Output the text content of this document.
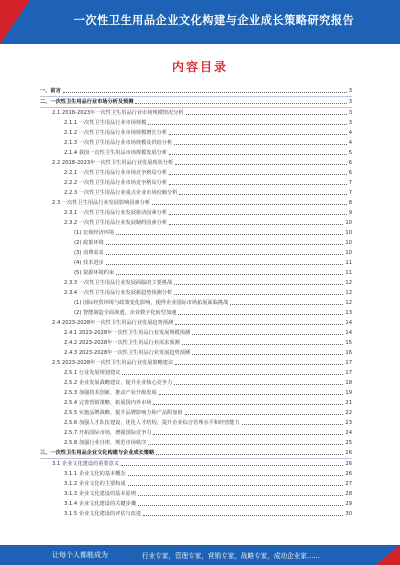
一次性卫生用品企业文化构建与企业成长策略研究报告
内容目录
一、前言	3
二、一次性卫生用品行业市场分析及预测	3
2.1 2018-2023年一次性卫生用品行业市场规模情况分析	3
2.1.1 一次性卫生用品行业市场规模	3
2.1.2 一次性卫生用品行业市场规模增长分析	4
2.1.3 一次性卫生用品行业市场规模及供给分析	4
2.1.4 我国一次性卫生用品市场规模发展分析	5
2.2 2018-2023年一次性卫生用品行业发展现状分析	6
2.2.1 一次性卫生用品行业市场竞争格局分析	6
2.2.2 一次性卫生用品行业市场竞争格局分析	7
2.2.3 一次性卫生用品行业重点企业市场份额分析	7
2.3 一次性卫生用品行业发展影响因素分析	8
2.3.1 一次性卫生用品行业发展驱动因素分析	9
2.3.2 一次性卫生用品行业发展制约因素分析	10
(1) 宏观经济环境	10
(2) 政策环境	10
(3) 消费需求	10
(4) 技术进步	11
(5) 资源环境约束	11
2.3.3 一次性卫生用品行业发展面临的主要挑战	12
2.3.4 一次性卫生用品行业发展新趋势预测分析	12
(1) 国际经贸环境与政策变化影响，使得企业国际市场拓展面临挑战	12
(2) 智能制造全面渗透，企业数字化转型加速	13
2.4 2023-2028年一次性卫生用品行业发展趋势预测	14
2.4.1 2023-2028年一次性卫生用品行业发展规模预测	14
2.4.2 2023-2028年一次性卫生用品行业需求预测	15
2.4.3 2023-2028年一次性卫生用品行业发展趋势预测	16
2.5 2023-2028年一次性卫生用品行业发展策略建议	17
2.5.1 行业发展规划建议	17
2.5.2 企业发展战略建议，提升企业核心竞争力	18
2.5.3 加强技术创新，推动产业升级发展	19
2.5.4 完善营销策略，拓展国内外市场	21
2.5.5 实施品牌战略，提升品牌影响力和产品附加值	22
2.5.6 加强人才队伍建设，优化人才结构，提升企业综合管理水平和经营能力	23
2.5.7 开拓国际市场，增强国际竞争力	24
2.5.8 加强行业自律，规范市场秩序	25
三、一次性卫生用品企业文化构建与企业成长策略	26
3.1 企业文化建设的重要意义	26
3.1.1 企业文化的基本概念	26
3.1.2 企业文化的主要构成	27
3.1.3 企业文化建设的基本原则	28
3.1.4 企业文化建设的关键步骤	29
3.1.5 企业文化建设的评估与改进	30
让每个人都能成为	行业专家，管理专家，营销专家，战略专家，成功企业家……
